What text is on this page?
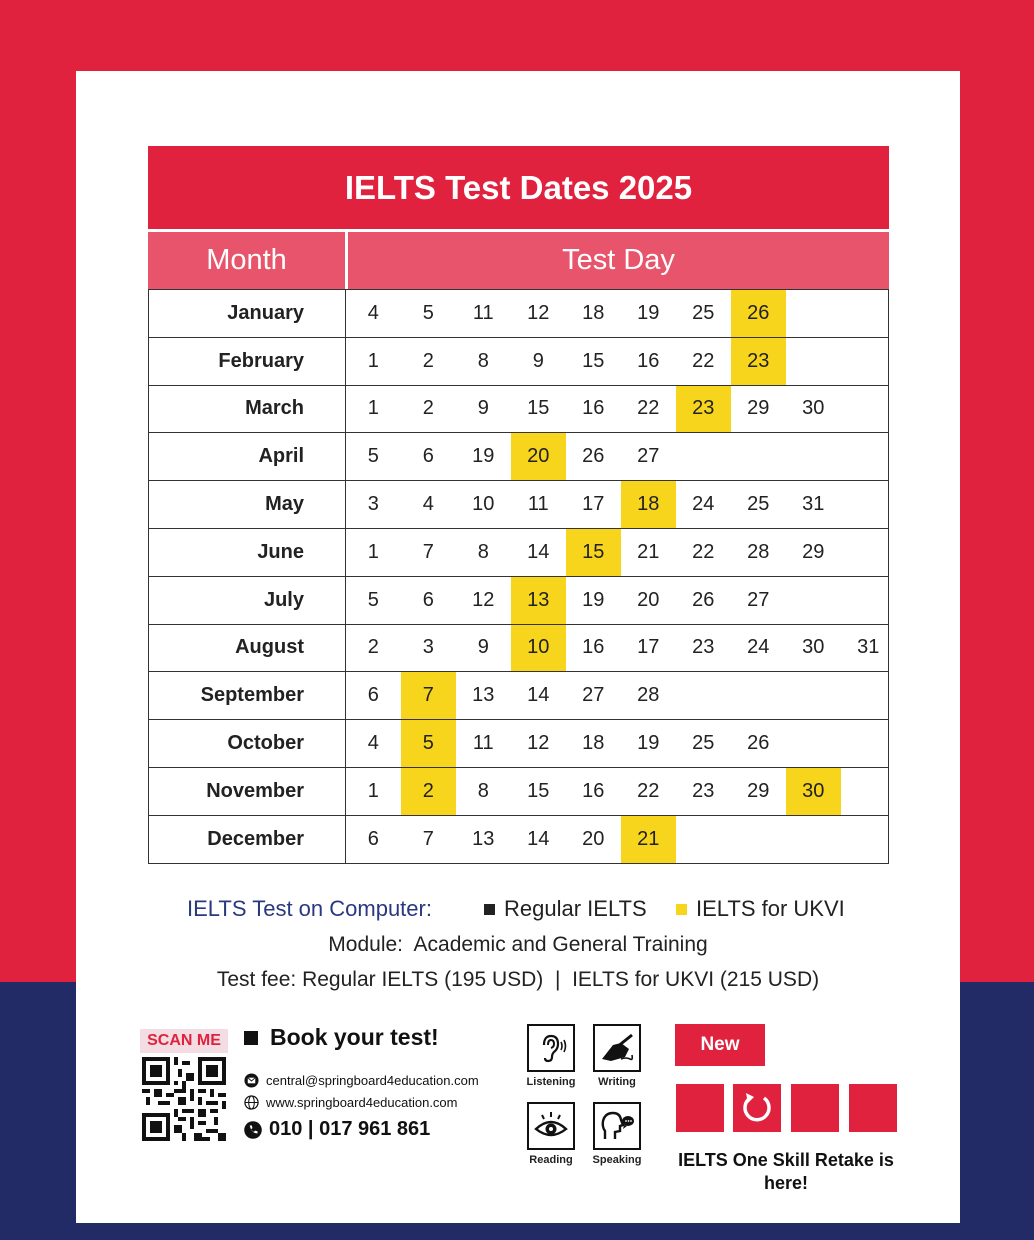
IELTS Test Dates 2025
Month	Test Day
January	4	5	11	12	18	19	25	26
February	1	2	8	9	15	16	22	23
March	1	2	9	15	16	22	23	29	30
April	5	6	19	20	26	27
May	3	4	10	11	17	18	24	25	31
June	1	7	8	14	15	21	22	28	29
July	5	6	12	13	19	20	26	27
August	2	3	9	10	16	17	23	24	30	31
September	6	7	13	14	27	28
October	4	5	11	12	18	19	25	26
November	1	2	8	15	16	22	23	29	30
December	6	7	13	14	20	21
IELTS Test on Computer:	Regular IELTS IELTS for UKVI
Module:  Academic and General Training
Test fee: Regular IELTS (195 USD)  |  IELTS for UKVI (215 USD)
SCAN ME	Book your test!
central@springboard4education.com
www.springboard4education.com
010 | 017 961 861
Listening	Writing
Reading	Speaking
New
IELTS One Skill Retake is here!
